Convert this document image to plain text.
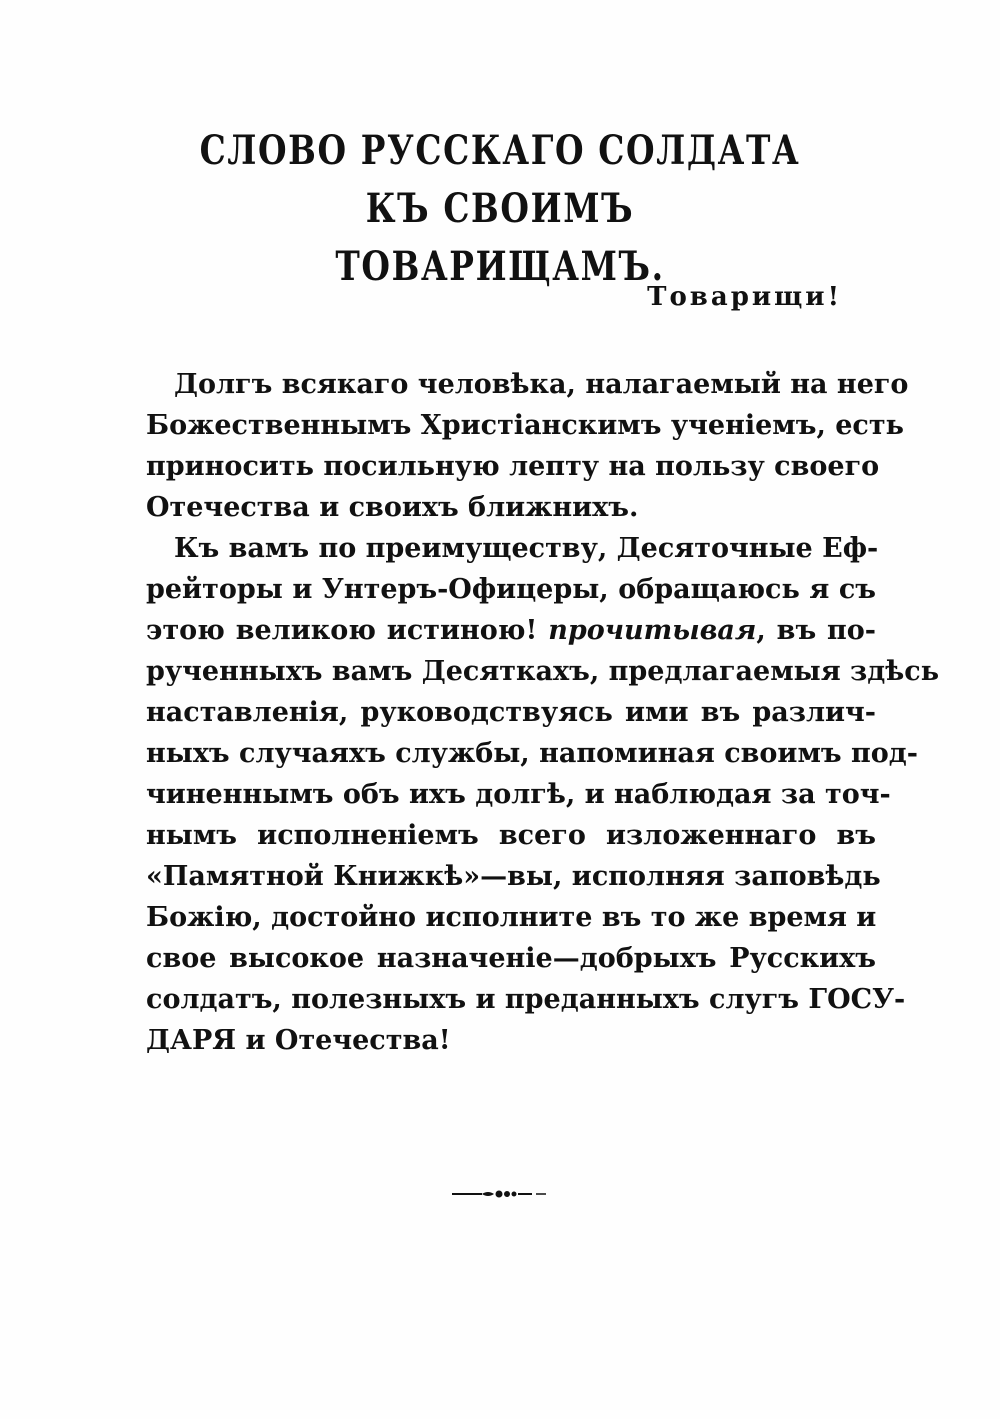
СЛОВО РУССКАГО СОЛДАТА КЪ СВОИМЪ
ТОВАРИЩАМЪ.

Товарищи!

Долгъ всякаго человѣка, налагаемый на него
Божественнымъ Христіанскимъ ученіемъ, есть
приносить посильную лепту на пользу своего
Отечества и своихъ ближнихъ.
Къ вамъ по преимуществу, Десяточные Еф-
рейторы и Унтеръ-Офицеры, обращаюсь я съ
этою великою истиною! прочитывая, въ по-
рученныхъ вамъ Десяткахъ, предлагаемыя здѣсь
наставленія, руководствуясь ими въ различ-
ныхъ случаяхъ службы, напоминая своимъ под-
чиненнымъ объ ихъ долгѣ, и наблюдая за точ-
нымъ исполненіемъ всего изложеннаго въ
«Памятной Книжкѣ»—вы, исполняя заповѣдь
Божію, достойно исполните въ то же время и
свое высокое назначеніе—добрыхъ Русскихъ
солдатъ, полезныхъ и преданныхъ слугъ ГОСУ-
ДАРЯ и Отечества!
